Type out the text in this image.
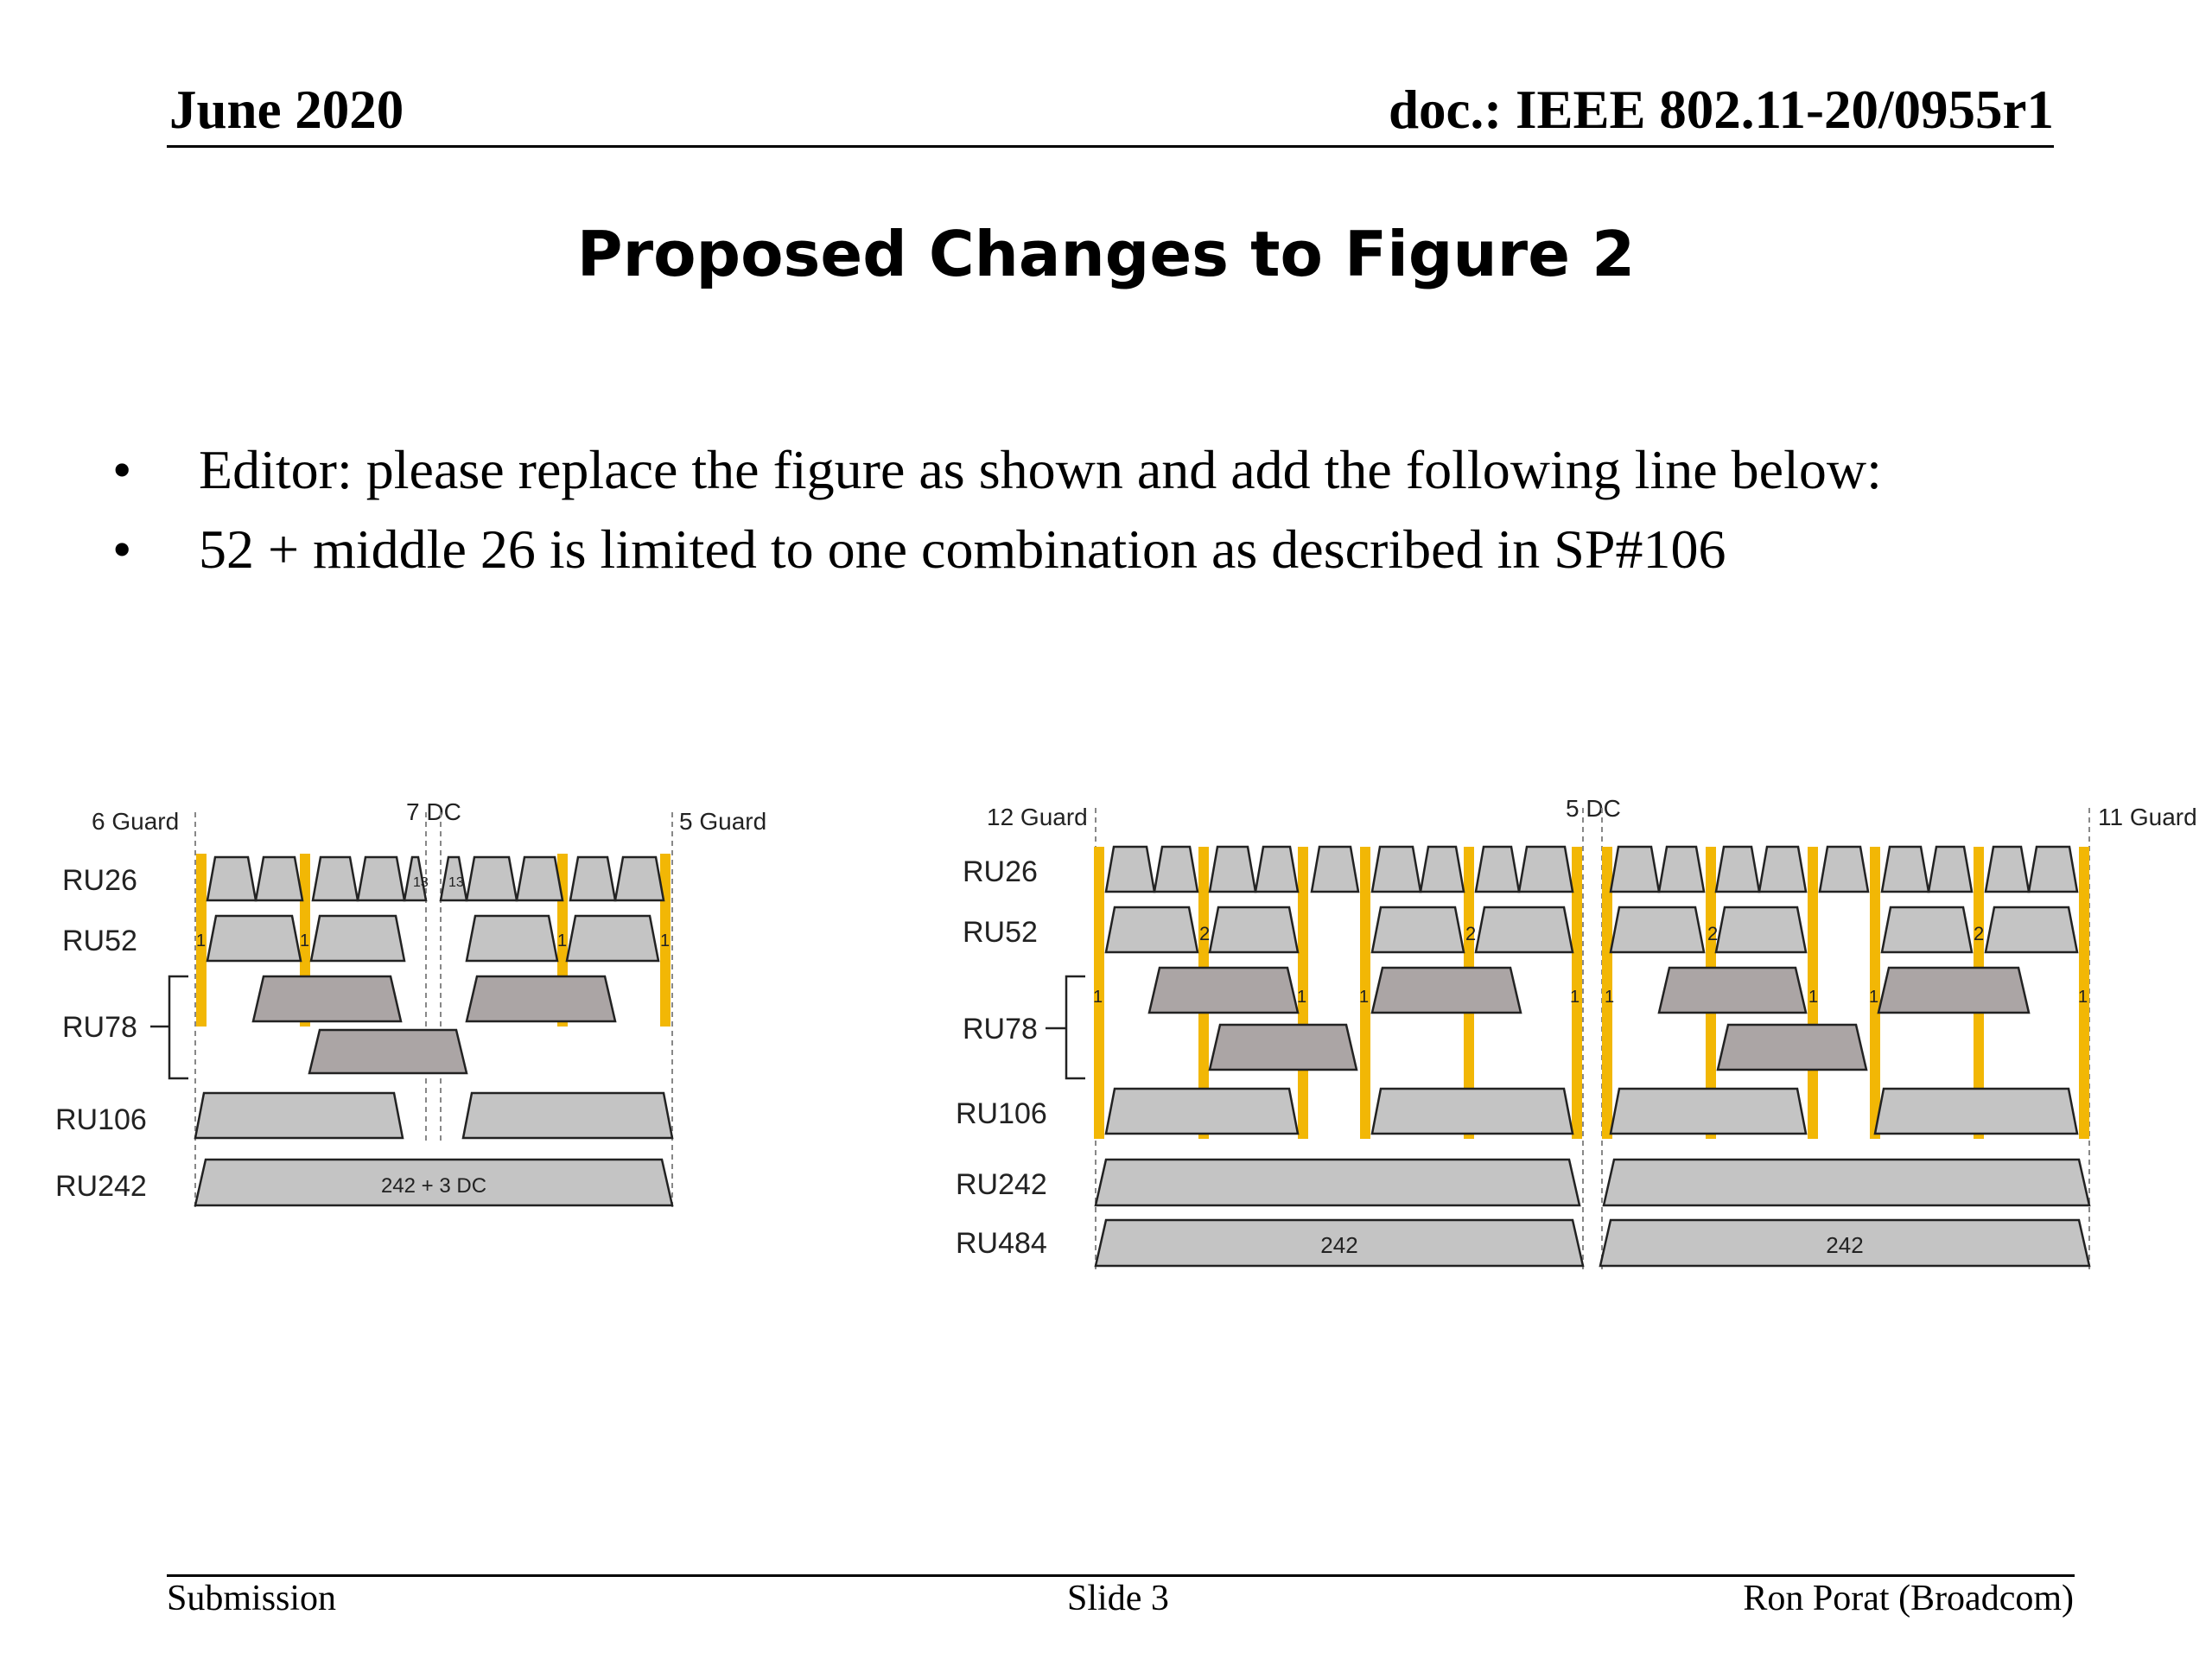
June 2020	doc.: IEEE 802.11-20/0955r1
Proposed Changes to Figure 2
• Editor: please replace the figure as shown and add the following line below:
• 52 + middle 26 is limited to one combination as described in SP#106
6 Guard	7 DC	5 Guard
RU26
RU52
RU78
RU106
RU242
13 13
1	1	1	1
242 + 3 DC
12 Guard	5 DC	11 Guard
RU26
RU52
RU78
RU106
RU242
RU484
2	2	2	2
1	1	1	1 1	1	1	1
242	242
Submission	Slide 3	Ron Porat (Broadcom)
